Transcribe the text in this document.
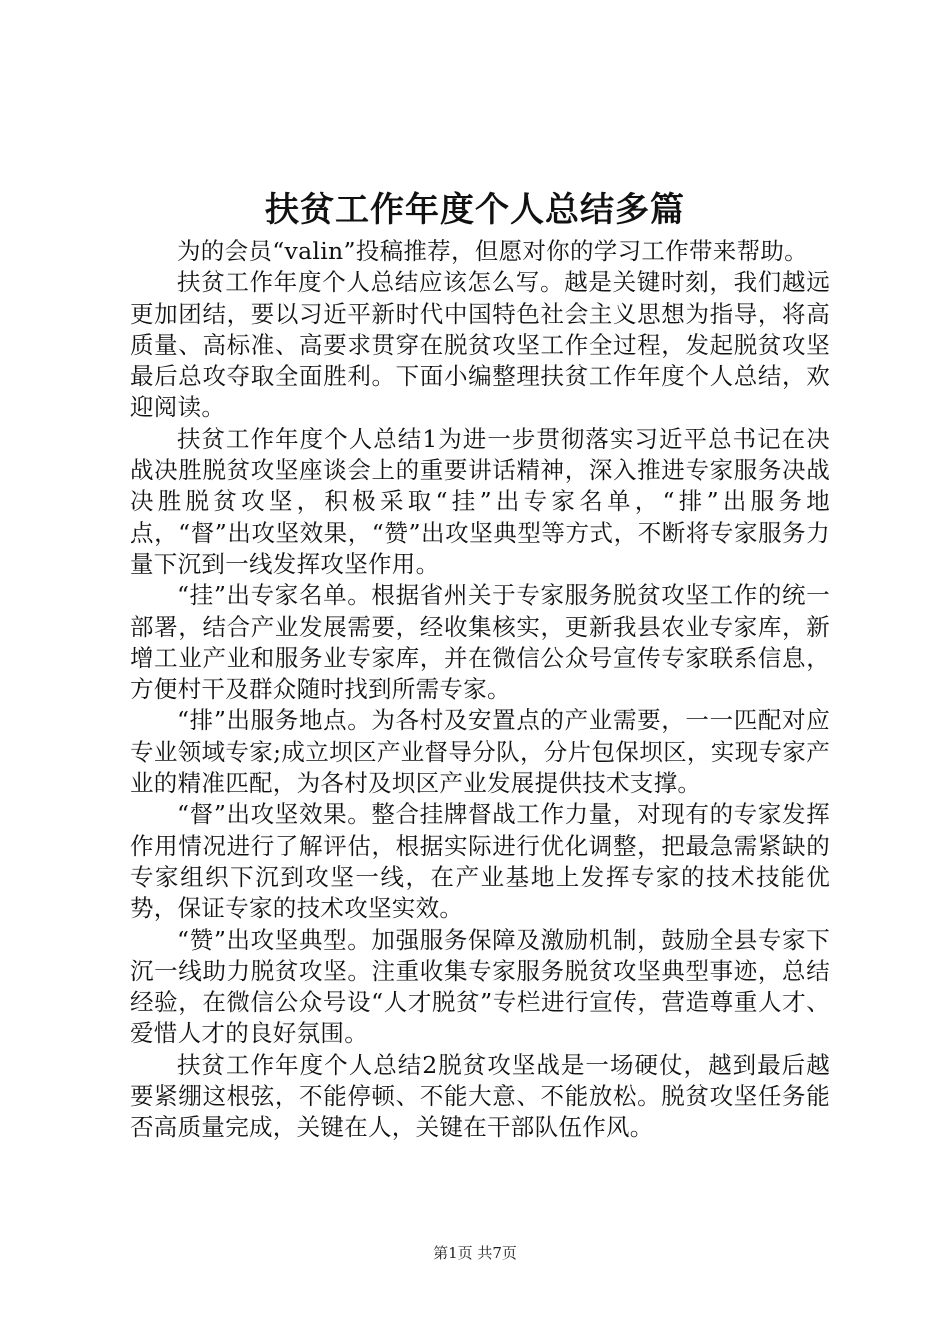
扶贫工作年度个人总结多篇

为的会员“valin”投稿推荐，但愿对你的学习工作带来帮助。

扶贫工作年度个人总结应该怎么写。越是关键时刻，我们越远更加团结，要以习近平新时代中国特色社会主义思想为指导，将高质量、高标准、高要求贯穿在脱贫攻坚工作全过程，发起脱贫攻坚最后总攻夺取全面胜利。下面小编整理扶贫工作年度个人总结，欢迎阅读。

扶贫工作年度个人总结1为进一步贯彻落实习近平总书记在决战决胜脱贫攻坚座谈会上的重要讲话精神，深入推进专家服务决战决胜脱贫攻坚，积极采取“挂”出专家名单，“排”出服务地点，“督”出攻坚效果，“赞”出攻坚典型等方式，不断将专家服务力量下沉到一线发挥攻坚作用。

“挂”出专家名单。根据省州关于专家服务脱贫攻坚工作的统一部署，结合产业发展需要，经收集核实，更新我县农业专家库，新增工业产业和服务业专家库，并在微信公众号宣传专家联系信息，方便村干及群众随时找到所需专家。

“排”出服务地点。为各村及安置点的产业需要，一一匹配对应专业领域专家;成立坝区产业督导分队，分片包保坝区，实现专家产业的精准匹配，为各村及坝区产业发展提供技术支撑。

“督”出攻坚效果。整合挂牌督战工作力量，对现有的专家发挥作用情况进行了解评估，根据实际进行优化调整，把最急需紧缺的专家组织下沉到攻坚一线，在产业基地上发挥专家的技术技能优势，保证专家的技术攻坚实效。

“赞”出攻坚典型。加强服务保障及激励机制，鼓励全县专家下沉一线助力脱贫攻坚。注重收集专家服务脱贫攻坚典型事迹，总结经验，在微信公众号设“人才脱贫”专栏进行宣传，营造尊重人才、爱惜人才的良好氛围。

扶贫工作年度个人总结2脱贫攻坚战是一场硬仗，越到最后越要紧绷这根弦，不能停顿、不能大意、不能放松。脱贫攻坚任务能否高质量完成，关键在人，关键在干部队伍作风。

第1页 共7页
